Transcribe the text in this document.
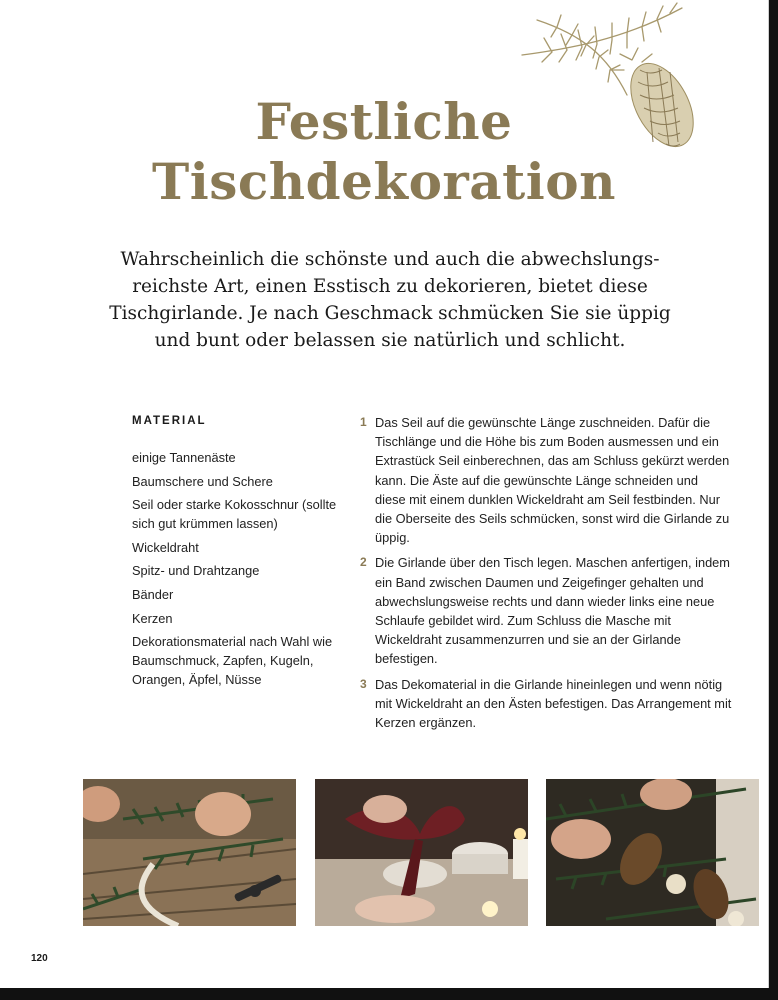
Festliche
Tischdekoration

Wahrscheinlich die schönste und auch die abwechslungsreichste Art, einen Esstisch zu dekorieren, bietet diese Tischgirlande. Je nach Geschmack schmücken Sie sie üppig und bunt oder belassen sie natürlich und schlicht.

MATERIAL
einige Tannenäste
Baumschere und Schere
Seil oder starke Kokosschnur (sollte sich gut krümmen lassen)
Wickeldraht
Spitz- und Drahtzange
Bänder
Kerzen
Dekorationsmaterial nach Wahl wie Baumschmuck, Zapfen, Kugeln, Orangen, Äpfel, Nüsse
1 Das Seil auf die gewünschte Länge zuschneiden. Dafür die Tischlänge und die Höhe bis zum Boden ausmessen und ein Extrastück Seil einberechnen, das am Schluss gekürzt werden kann. Die Äste auf die gewünschte Länge schneiden und diese mit einem dunklen Wickeldraht am Seil festbinden. Nur die Oberseite des Seils schmücken, sonst wird die Girlande zu üppig.
2 Die Girlande über den Tisch legen. Maschen anfertigen, indem ein Band zwischen Daumen und Zeigefinger gehalten und abwechslungsweise rechts und dann wieder links eine neue Schlaufe gebildet wird. Zum Schluss die Masche mit Wickeldraht zusammenzurren und sie an der Girlande befestigen.
3 Das Dekomaterial in die Girlande hineinlegen und wenn nötig mit Wickeldraht an den Ästen befestigen. Das Arrangement mit Kerzen ergänzen.
120
